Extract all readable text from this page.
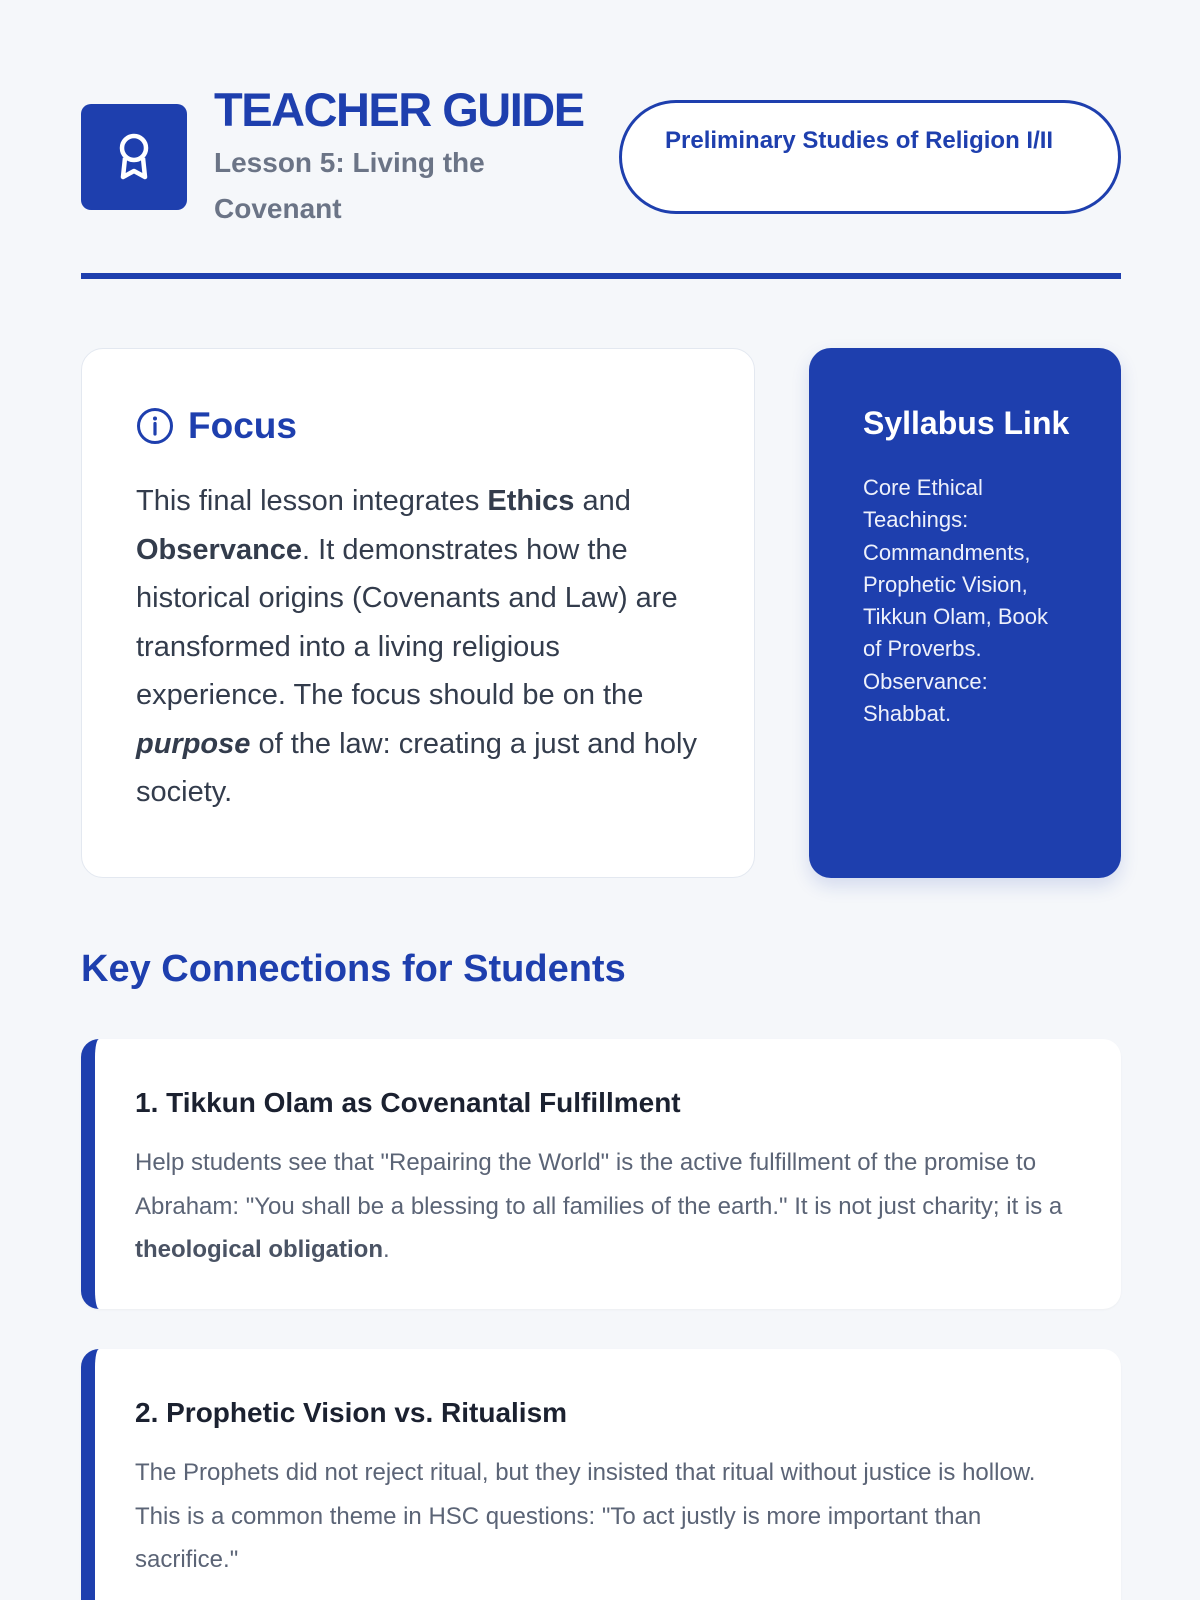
TEACHER GUIDE
Lesson 5: Living the Covenant
Preliminary Studies of Religion I/II
Focus

This final lesson integrates Ethics and Observance. It demonstrates how the historical origins (Covenants and Law) are transformed into a living religious experience. The focus should be on the purpose of the law: creating a just and holy society.

Syllabus Link
Core Ethical Teachings: Commandments, Prophetic Vision, Tikkun Olam, Book of Proverbs. Observance: Shabbat.
Key Connections for Students
1. Tikkun Olam as Covenantal Fulfillment

Help students see that "Repairing the World" is the active fulfillment of the promise to Abraham: "You shall be a blessing to all families of the earth." It is not just charity; it is a theological obligation.

2. Prophetic Vision vs. Ritualism

The Prophets did not reject ritual, but they insisted that ritual without justice is hollow. This is a common theme in HSC questions: "To act justly is more important than sacrifice."
